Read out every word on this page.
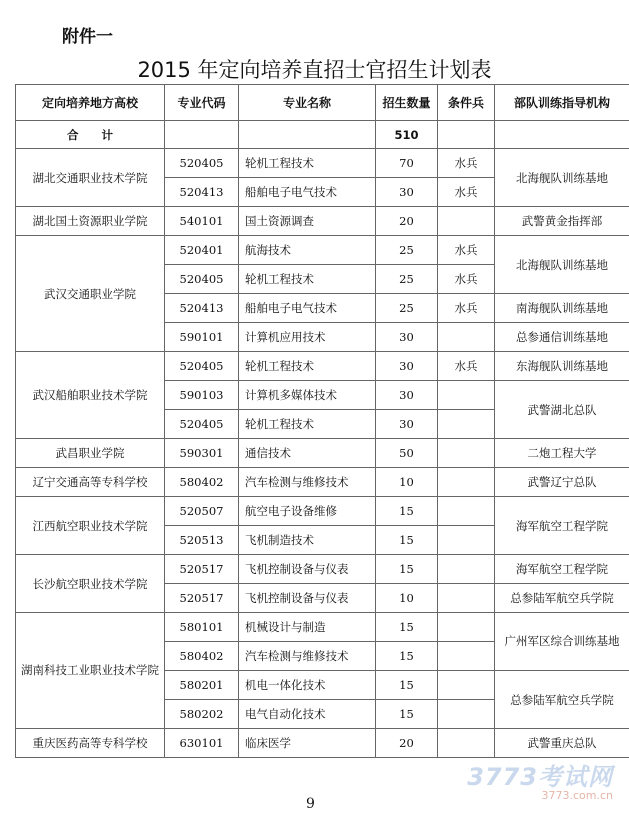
附件一
2015 年定向培养直招士官招生计划表
定向培养地方高校	专业代码	专业名称	招生数量	条件兵	部队训练指导机构
合　　计			510		
湖北交通职业技术学院	520405	轮机工程技术	70	水兵	北海舰队训练基地
	520413	船舶电子电气技术	30	水兵	
湖北国土资源职业学院	540101	国土资源调查	20		武警黄金指挥部
武汉交通职业学院	520401	航海技术	25	水兵	北海舰队训练基地
	520405	轮机工程技术	25	水兵	
	520413	船舶电子电气技术	25	水兵	南海舰队训练基地
	590101	计算机应用技术	30		总参通信训练基地
武汉船舶职业技术学院	520405	轮机工程技术	30	水兵	东海舰队训练基地
	590103	计算机多媒体技术	30		武警湖北总队
	520405	轮机工程技术	30		
武昌职业学院	590301	通信技术	50		二炮工程大学
辽宁交通高等专科学校	580402	汽车检测与维修技术	10		武警辽宁总队
江西航空职业技术学院	520507	航空电子设备维修	15		海军航空工程学院
	520513	飞机制造技术	15		
长沙航空职业技术学院	520517	飞机控制设备与仪表	15		海军航空工程学院
	520517	飞机控制设备与仪表	10		总参陆军航空兵学院
湖南科技工业职业技术学院	580101	机械设计与制造	15		广州军区综合训练基地
	580402	汽车检测与维修技术	15		
	580201	机电一体化技术	15		总参陆军航空兵学院
	580202	电气自动化技术	15		
重庆医药高等专科学校	630101	临床医学	20		武警重庆总队
3773考试网
3773.com.cn
9
